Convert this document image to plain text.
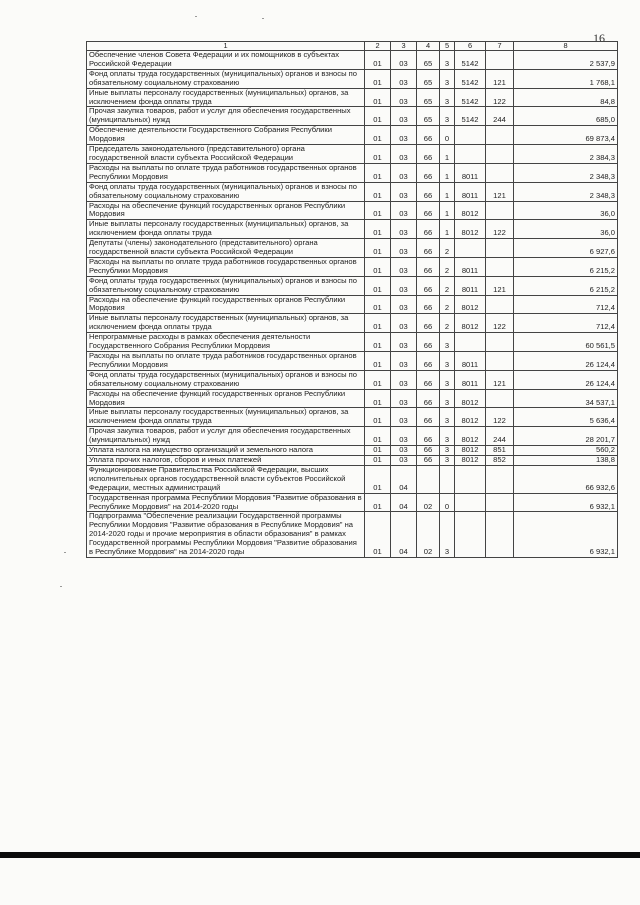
16
1	2	3	4	5	6	7	8
Обеспечение членов Совета Федерации и их помощников в субъектах Российской Федерации	01	03	65	3	5142		2 537,9
Фонд оплаты труда государственных (муниципальных) органов и взносы по обязательному социальному страхованию	01	03	65	3	5142	121	1 768,1
Иные выплаты персоналу государственных (муниципальных) органов, за исключением фонда оплаты труда	01	03	65	3	5142	122	84,8
Прочая закупка товаров, работ и услуг для обеспечения государственных (муниципальных) нужд	01	03	65	3	5142	244	685,0
Обеспечение деятельности Государственного Собрания Республики Мордовия	01	03	66	0			69 873,4
Председатель законодательного (представительного) органа государственной власти субъекта Российской Федерации	01	03	66	1			2 384,3
Расходы на выплаты по оплате труда работников государственных органов Республики Мордовия	01	03	66	1	8011		2 348,3
Фонд оплаты труда государственных (муниципальных) органов и взносы по обязательному социальному страхованию	01	03	66	1	8011	121	2 348,3
Расходы на обеспечение функций государственных органов Республики Мордовия	01	03	66	1	8012		36,0
Иные выплаты персоналу государственных (муниципальных) органов, за исключением фонда оплаты труда	01	03	66	1	8012	122	36,0
Депутаты (члены) законодательного (представительного) органа государственной власти субъекта Российской Федерации	01	03	66	2			6 927,6
Расходы на выплаты по оплате труда работников государственных органов Республики Мордовия	01	03	66	2	8011		6 215,2
Фонд оплаты труда государственных (муниципальных) органов и взносы по обязательному социальному страхованию	01	03	66	2	8011	121	6 215,2
Расходы на обеспечение функций государственных органов Республики Мордовия	01	03	66	2	8012		712,4
Иные выплаты персоналу государственных (муниципальных) органов, за исключением фонда оплаты труда	01	03	66	2	8012	122	712,4
Непрограммные расходы в рамках обеспечения деятельности Государственного Собрания Республики Мордовия	01	03	66	3			60 561,5
Расходы на выплаты по оплате труда работников государственных органов Республики Мордовия	01	03	66	3	8011		26 124,4
Фонд оплаты труда государственных (муниципальных) органов и взносы по обязательному социальному страхованию	01	03	66	3	8011	121	26 124,4
Расходы на обеспечение функций государственных органов Республики Мордовия	01	03	66	3	8012		34 537,1
Иные выплаты персоналу государственных (муниципальных) органов, за исключением фонда оплаты труда	01	03	66	3	8012	122	5 636,4
Прочая закупка товаров, работ и услуг для обеспечения государственных (муниципальных) нужд	01	03	66	3	8012	244	28 201,7
Уплата налога на имущество организаций и земельного налога	01	03	66	3	8012	851	560,2
Уплата прочих налогов, сборов и иных платежей	01	03	66	3	8012	852	138,8
Функционирование Правительства Российской Федерации, высших исполнительных органов государственной власти субъектов Российской Федерации, местных администраций	01	04					66 932,6
Государственная программа Республики Мордовия "Развитие образования в Республике Мордовия" на 2014-2020 годы	01	04	02	0			6 932,1
Подпрограмма "Обеспечение реализации Государственной программы Республики Мордовия "Развитие образования в Республике Мордовия" на 2014-2020 годы и прочие мероприятия в области образования" в рамках Государственной программы Республики Мордовия "Развитие образования в Республике Мордовия" на 2014-2020 годы	01	04	02	3			6 932,1
